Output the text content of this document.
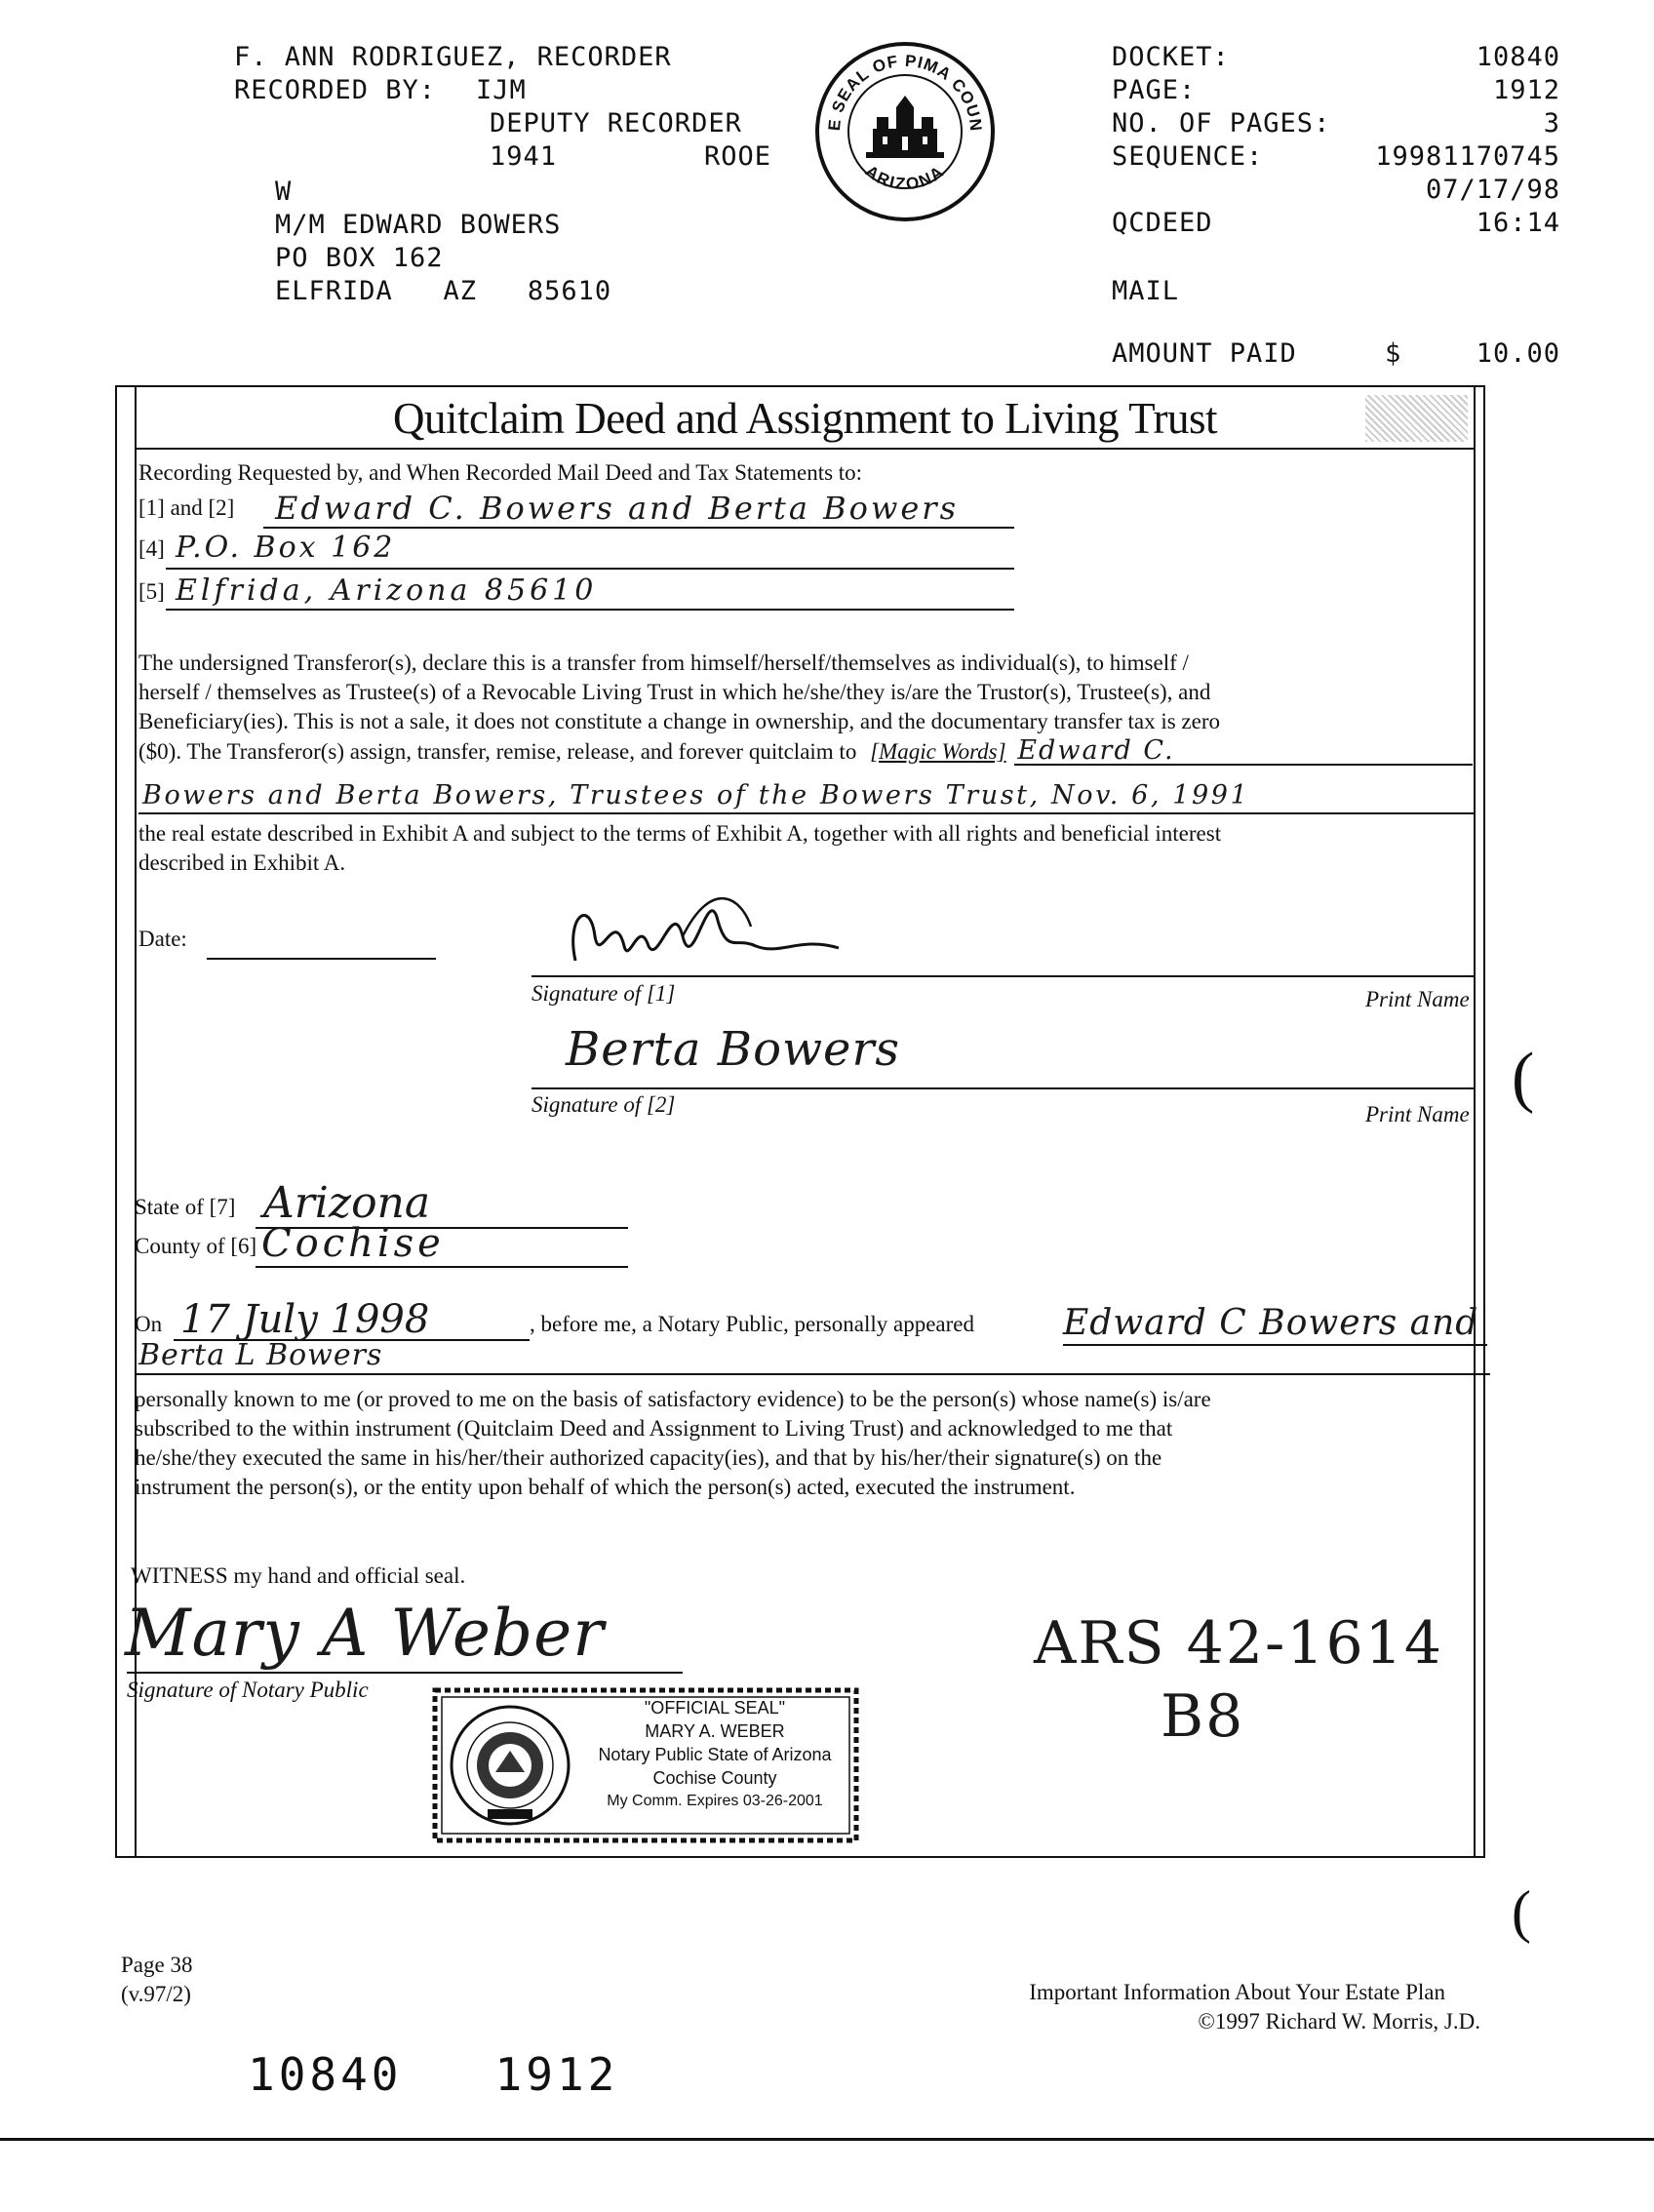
F. ANN RODRIGUEZ, RECORDER
RECORDED BY: IJM
DEPUTY RECORDER
1941	ROOE
W
M/M EDWARD BOWERS
PO BOX 162
ELFRIDA   AZ   85610
E SEAL OF PIMA COUN
ARIZONA
DOCKET:	10840
PAGE:	1912
NO. OF PAGES:	3
SEQUENCE:	19981170745
07/17/98
QCDEED	16:14
MAIL
AMOUNT PAID	$	10.00
Quitclaim Deed and Assignment to Living Trust
Recording Requested by, and When Recorded Mail Deed and Tax Statements to:
[1] and [2] Edward C. Bowers and Berta Bowers
[4] P.O. Box 162
[5] Elfrida, Arizona 85610
The undersigned Transferor(s), declare this is a transfer from himself/herself/themselves as individual(s), to himself /
herself / themselves as Trustee(s) of a Revocable Living Trust in which he/she/they is/are the Trustor(s), Trustee(s), and
Beneficiary(ies). This is not a sale, it does not constitute a change in ownership, and the documentary transfer tax is zero
($0). The Transferor(s) assign, transfer, remise, release, and forever quitclaim to [Magic Words] Edward C.
Bowers and Berta Bowers, Trustees of the Bowers Trust, Nov. 6, 1991
the real estate described in Exhibit A and subject to the terms of Exhibit A, together with all rights and beneficial interest
described in Exhibit A.
Date:
Signature of [1]	Print Name
Berta Bowers
Signature of [2]	Print Name (
(
State of [7] Arizona
County of [6] Cochise
On 17 July 1998	, before me, a Notary Public, personally appeared	Edward C Bowers and
Berta L Bowers
personally known to me (or proved to me on the basis of satisfactory evidence) to be the person(s) whose name(s) is/are
subscribed to the within instrument (Quitclaim Deed and Assignment to Living Trust) and acknowledged to me that
he/she/they executed the same in his/her/their authorized capacity(ies), and that by his/her/their signature(s) on the
instrument the person(s), or the entity upon behalf of which the person(s) acted, executed the instrument.
WITNESS my hand and official seal.
Mary A Weber
Signature of Notary Public
ARS 42-1614
B8
"OFFICIAL SEAL"
MARY A. WEBER
Notary Public State of Arizona
Cochise County
My Comm. Expires 03-26-2001
Page 38
(v.97/2)	Important Information About Your Estate Plan
©1997 Richard W. Morris, J.D.
10840   1912
